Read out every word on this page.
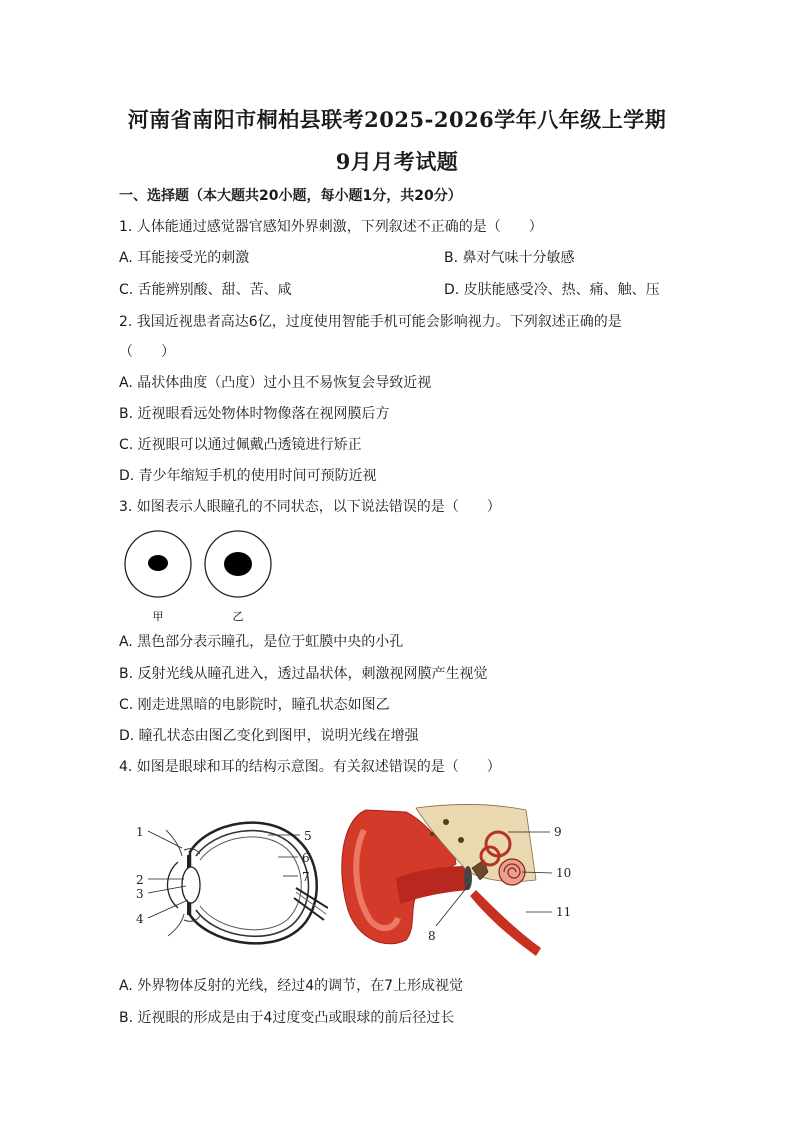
河南省南阳市桐柏县联考2025-2026学年八年级上学期
9月月考试题
一、选择题（本大题共20小题，每小题1分，共20分）
1. 人体能通过感觉器官感知外界刺激，下列叙述不正确的是（　　）
A. 耳能接受光的刺激	B. 鼻对气味十分敏感
C. 舌能辨别酸、甜、苦、咸	D. 皮肤能感受冷、热、痛、触、压
2. 我国近视患者高达6亿，过度使用智能手机可能会影响视力。下列叙述正确的是
（　　）
A. 晶状体曲度（凸度）过小且不易恢复会导致近视
B. 近视眼看远处物体时物像落在视网膜后方
C. 近视眼可以通过佩戴凸透镜进行矫正
D. 青少年缩短手机的使用时间可预防近视
3. 如图表示人眼瞳孔的不同状态，以下说法错误的是（　　）
甲	乙
A. 黑色部分表示瞳孔，是位于虹膜中央的小孔
B. 反射光线从瞳孔进入，透过晶状体，刺激视网膜产生视觉
C. 刚走进黑暗的电影院时，瞳孔状态如图乙
D. 瞳孔状态由图乙变化到图甲，说明光线在增强
4. 如图是眼球和耳的结构示意图。有关叙述错误的是（　　）
1
2
3
4
5
6
7
8
9
10
11
A. 外界物体反射的光线，经过4的调节，在7上形成视觉
B. 近视眼的形成是由于4过度变凸或眼球的前后径过长
